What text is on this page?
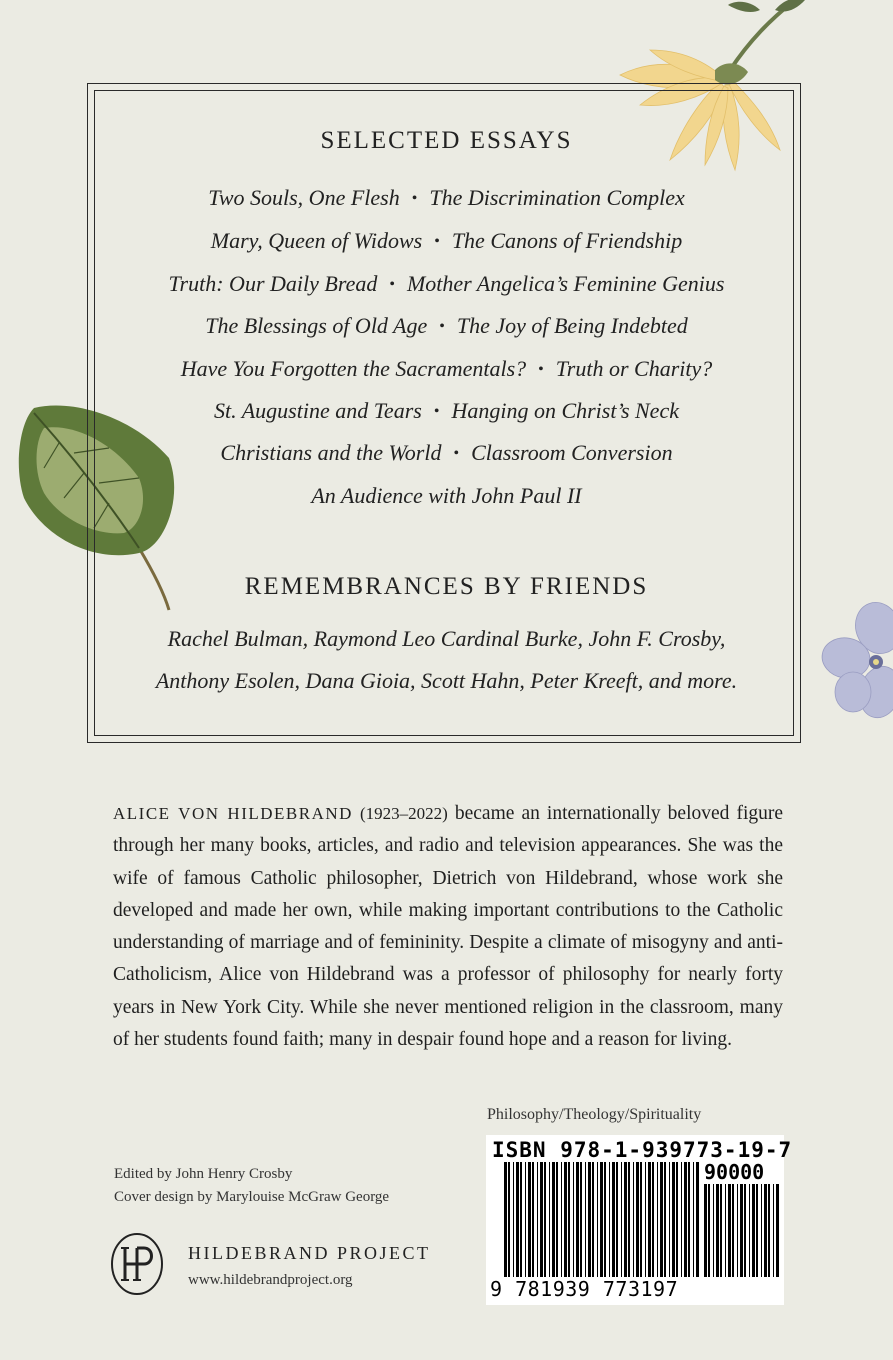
SELECTED ESSAYS
Two Souls, One Flesh • The Discrimination Complex
Mary, Queen of Widows • The Canons of Friendship
Truth: Our Daily Bread • Mother Angelica’s Feminine Genius
The Blessings of Old Age • The Joy of Being Indebted
Have You Forgotten the Sacramentals? • Truth or Charity?
St. Augustine and Tears • Hanging on Christ’s Neck
Christians and the World • Classroom Conversion
An Audience with John Paul II
REMEMBRANCES BY FRIENDS
Rachel Bulman, Raymond Leo Cardinal Burke, John F. Crosby,
Anthony Esolen, Dana Gioia, Scott Hahn, Peter Kreeft, and more.
ALICE VON HILDEBRAND (1923–2022) became an internationally beloved figure through her many books, articles, and radio and television appearances. She was the wife of famous Catholic philosopher, Dietrich von Hildebrand, whose work she developed and made her own, while making important contributions to the Catholic understanding of marriage and of femininity. Despite a climate of misogyny and anti-Catholicism, Alice von Hildebrand was a professor of philosophy for nearly forty years in New York City. While she never mentioned religion in the classroom, many of her students found faith; many in despair found hope and a reason for living.
Philosophy/Theology/Spirituality
Edited by John Henry Crosby
Cover design by Marylouise McGraw George
HILDEBRAND PROJECT
www.hildebrandproject.org
ISBN 978-1-939773-19-7
90000
9 781939 773197
